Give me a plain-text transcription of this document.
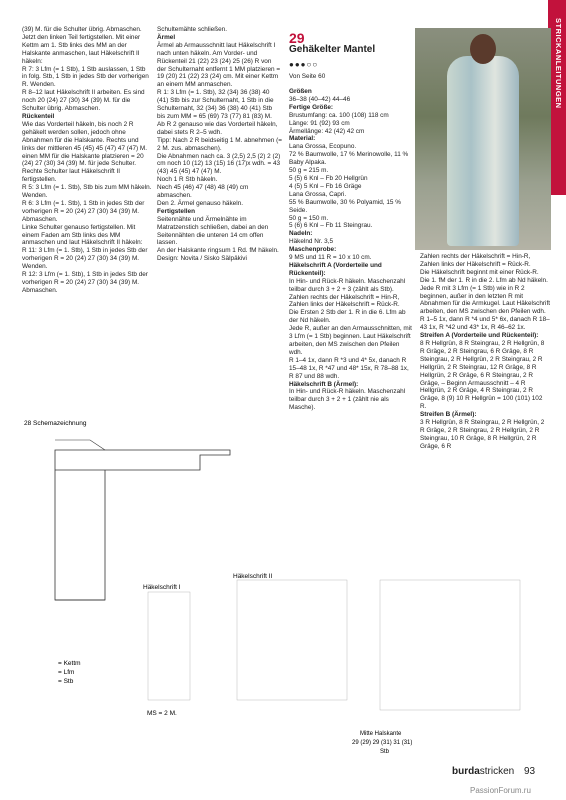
STRICKANLEITUNGEN

(39) M. für die Schulter übrig. Abmaschen.

Jetzt den linken Teil fertigstellen. Mit einer Kettm am 1. Stb links des MM an der Halskante anmaschen, laut Häkelschrift II häkeln:

R 7: 3 Lfm (= 1 Stb), 1 Stb auslassen, 1 Stb in folg. Stb, 1 Stb in jedes Stb der vorherigen R. Wenden.

R 8–12 laut Häkelschrift II arbeiten. Es sind noch 20 (24) 27 (30) 34 (39) M. für die Schulter übrig. Abmaschen.

Rückenteil

Wie das Vorderteil häkeln, bis noch 2 R gehäkelt werden sollen, jedoch ohne Abnahmen für die Halskante. Rechts und links der mittleren 45 (45) 45 (47) 47 (47) M. einen MM für die Halskante platzieren = 20 (24) 27 (30) 34 (39) M. für jede Schulter. Rechte Schulter laut Häkelschrift II fertigstellen.

R 5: 3 Lfm (= 1. Stb), Stb bis zum MM häkeln. Wenden.

R 6: 3 Lfm (= 1. Stb), 1 Stb in jedes Stb der vorherigen R = 20 (24) 27 (30) 34 (39) M. Abmaschen.

Linke Schulter genauso fertigstellen. Mit einem Faden am Stb links des MM anmaschen und laut Häkelschrift II häkeln:

R 11: 3 Lfm (= 1. Stb), 1 Stb in jedes Stb der vorherigen R = 20 (24) 27 (30) 34 (39) M. Wenden.

R 12: 3 Lfm (= 1. Stb), 1 Stb in jedes Stb der vorherigen R = 20 (24) 27 (30) 34 (39) M. Abmaschen.

Schultemähte schließen.

Ärmel

Ärmel ab Armausschnitt laut Häkelschrift I nach unten häkeln. Am Vorder- und Rückenteil 21 (22) 23 (24) 25 (26) R von der Schulternaht entfernt 1 MM platzieren = 19 (20) 21 (22) 23 (24) cm. Mit einer Kettm an einem MM anmaschen.

R 1: 3 Lfm (= 1. Stb), 32 (34) 36 (38) 40 (41) Stb bis zur Schulternaht, 1 Stb in die Schulternaht, 32 (34) 36 (38) 40 (41) Stb bis zum MM = 65 (69) 73 (77) 81 (83) M.

Ab R 2 genauso wie das Vorderteil häkeln, dabei stets R 2–5 wdh.

Tipp: Nach 2 R beidseitig 1 M. abnehmen (= 2 M. zus. abmaschen).

Die Abnahmen nach ca. 3 (2,5) 2,5 (2) 2 (2) cm noch 10 (12) 13 (15) 16 (17)x wdh. = 43 (43) 45 (45) 47 (47) M.

Noch 1 R Stb häkeln.

Nech 45 (46) 47 (48) 48 (49) cm abmaschen.

Den 2. Ärmel genauso häkeln.

Fertigstellen

Seitennähte und Ärmelnähte im Matratzenstich schließen, dabei an den Seitennähten die unteren 14 cm offen lassen.

An der Halskante ringsum 1 Rd. fM häkeln.

Design: Novita / Sisko Sälpäkivi

29
Gehäkelter Mantel
●●●○○
Von Seite 60

Größen

36–38 (40–42) 44–46

Fertige Größe:

Brustumfang: ca. 100 (108) 118 cm

Länge: 91 (92) 93 cm

Ärmellänge: 42 (42) 42 cm

Material:

Lana Grossa, Ecopuno.

72 % Baumwolle, 17 % Merinowolle, 11 % Baby Alpaka.

50 g = 215 m.

5 (5) 6 Knl – Fb 20 Hellgrün

4 (5) 5 Knl – Fb 16 Gräge

Lana Grossa, Capri.

55 % Baumwolle, 30 % Polyamid, 15 % Seide.

50 g = 150 m.

5 (6) 6 Knl – Fb 11 Steingrau.

Nadeln:

Häkelnd Nr. 3,5

Maschenprobe:

9 MS und 11 R = 10 x 10 cm.

Häkelschrift A (Vorderteile und Rückenteil):

In Hin- und Rück-R häkeln. Maschenzahl teilbar durch 3 + 2 + 3 (zählt als Stb).

Zahlen rechts der Häkelschrift = Hin-R, Zahlen links der Häkelschrift = Rück-R.

Die Ersten 2 Stb der 1. R in die 6. Lfm ab der Nd häkeln.

Jede R, außer an den Armausschnitten, mit 3 Lfm (= 1 Stb) beginnen. Laut Häkelschrift arbeiten, den MS zwischen den Pfeilen wdh.

R 1–4 1x, dann R *3 und 4* 5x, danach R 15–48 1x, R *47 und 48* 15x, R 78–88 1x, R 87 und 88 wdh.

Häkelschrift B (Ärmel):

In Hin- und Rück-R häkeln. Maschenzahl teilbar durch 3 + 2 + 1 (zählt nie als Masche).

Zahlen rechts der Häkelschrift = Hin-R, Zahlen links der Häkelschrift = Rück-R.

Die Häkelschrift beginnt mit einer Rück-R.

Die 1. fM der 1. R in die 2. Lfm ab Nd häkeln.

Jede R mit 3 Lfm (= 1 Stb) wie in R 2 beginnen, außer in den letzten R mit Abnahmen für die Armkugel. Laut Häkelschrift arbeiten, den MS zwischen den Pfeilen wdh.

R 1–5 1x, dann R *4 und 5* 6x, danach R 18–43 1x, R *42 und 43* 1x, R 46–62 1x.

Streifen A (Vorderteile und Rückenteil):

8 R Hellgrün, 8 R Steingrau, 2 R Hellgrün, 8 R Gräge, 2 R Steingrau, 6 R Gräge, 8 R Steingrau, 2 R Hellgrün, 2 R Steingrau, 2 R Hellgrün, 2 R Steingrau, 12 R Gräge, 8 R Hellgrün, 2 R Gräge, 6 R Steingrau, 2 R Gräge, – Beginn Armausschnitt – 4 R Hellgrün, 2 R Gräge, 4 R Steingrau, 2 R Gräge, 8 (9) 10 R Hellgrün = 100 (101) 102 R.

Streifen B (Ärmel):

3 R Hellgrün, 8 R Steingrau, 2 R Hellgrün, 2 R Gräge, 2 R Steingrau, 2 R Hellgrün, 2 R Steingrau, 10 R Gräge, 8 R Hellgrün, 2 R Gräge, 6 R

28 Schemazeichnung
Häkelschrift I
Häkelschrift II
MS = 2 M.
Mitte Halskante
29 (29) 29 (31) 31 (31)
Stb
= Kettm
= Lfm
= Stb
burdastricken 93
PassionForum.ru
